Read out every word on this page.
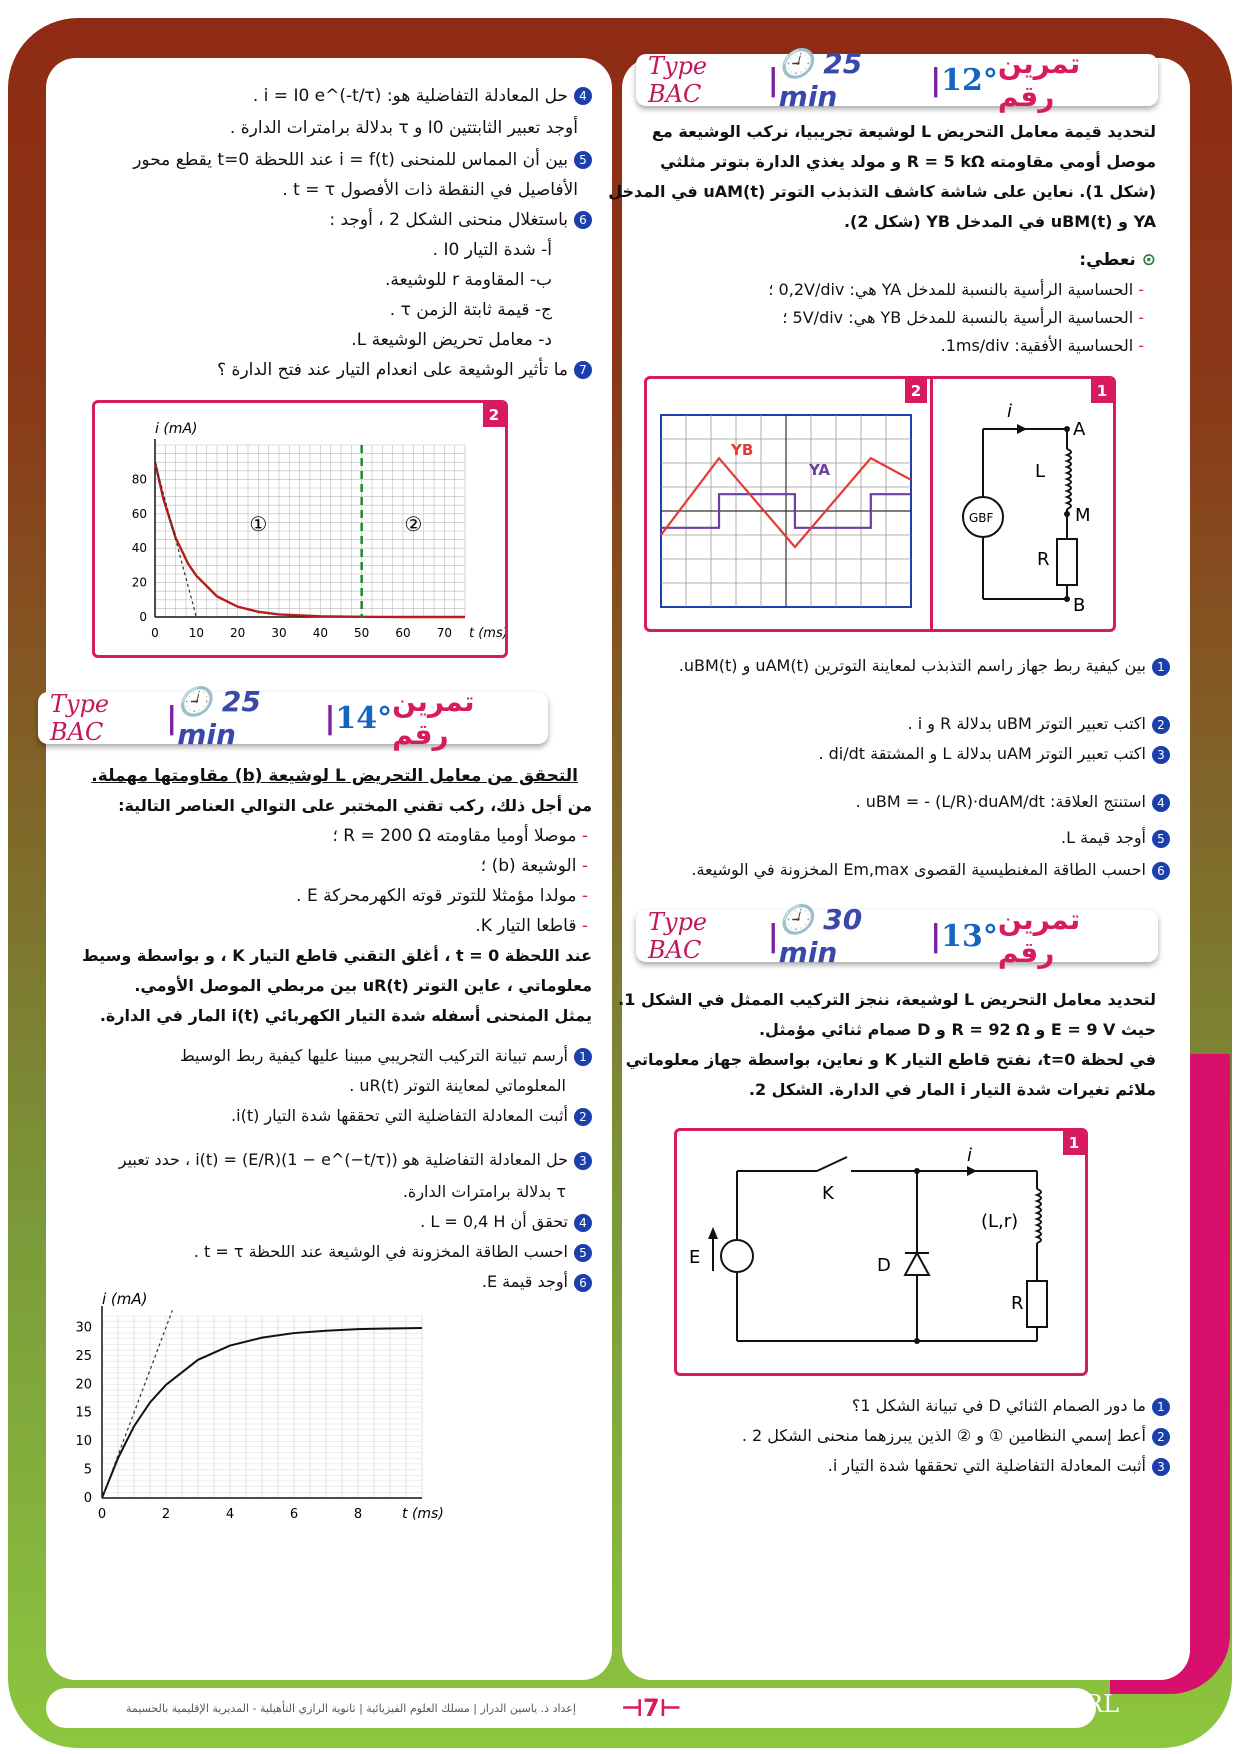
4حل المعادلة التفاضلية هو: i = I0 e^(-t/τ) .
أوجد تعبير الثابتتين I0 و τ بدلالة برامترات الدارة .
5بين أن المماس للمنحنى i = f(t) عند اللحظة t=0 يقطع محور
الأفاصيل في النقطة ذات الأفصول t = τ .
6باستغلال منحنى الشكل 2 ، أوجد :
أ- شدة التيار I0 .
ب- المقاومة r للوشيعة.
ج- قيمة ثابتة الزمن τ .
د- معامل تحريض الوشيعة L.
7ما تأثير الوشيعة على انعدام التيار عند فتح الدارة ؟
2
0 10 20 30 40 50 60 70
0
20
40
60
80
t (ms)
i (mA)
①	②
Type BAC	| 🕘 25 min	| 14° تمرين رقم
التحقق من معامل التحريض L لوشيعة (b) مقاومتها مهملة.
من أجل ذلك، ركب تقني المختبر على التوالي العناصر التالية:
- موصلا أوميا مقاومته R = 200 Ω ؛
- الوشيعة (b) ؛
- مولدا مؤمثلا للتوتر قوته الكهرمحركة E .
- قاطعا التيار K.
عند اللحظة t = 0 ، أغلق التقني قاطع التيار K ، و بواسطة وسيط
معلوماتي ، عاين التوتر uR(t) بين مربطي الموصل الأومي.
يمثل المنحنى أسفله شدة التيار الكهربائي i(t) المار في الدارة.
1أرسم تبيانة التركيب التجريبي مبينا عليها كيفية ربط الوسيط
المعلوماتي لمعاينة التوتر uR(t) .
2أثبت المعادلة التفاضلية التي تحققها شدة التيار i(t).
3حل المعادلة التفاضلية هو i(t) = (E/R)(1 − e^(−t/τ)) ، حدد تعبير
τ بدلالة برامترات الدارة.
4تحقق أن L = 0,4 H .
5احسب الطاقة المخزونة في الوشيعة عند اللحظة t = τ .
6أوجد قيمة E.
0	2	4	6	8
0
5
10
15
20
25
30
t (ms)
i (mA)
Type BAC	| 🕘 25 min	| 12° تمرين رقم
لتحديد قيمة معامل التحريض L لوشيعة تجريبيا، نركب الوشيعة مع
موصل أومي مقاومته R = 5 kΩ و مولد يغذي الدارة بتوتر مثلثي
(شكل 1). نعاين على شاشة كاشف التذبذب التوتر uAM(t) في المدخل
YA و uBM(t) في المدخل YB (شكل 2).
⊙ نعطي:
- الحساسية الرأسية بالنسبة للمدخل YA هي: 0,2V/div ؛
- الحساسية الرأسية بالنسبة للمدخل YB هي: 5V/div ؛
- الحساسية الأفقية: 1ms/div.
1
2
i
A
L
M
R
B
GBF
YB
YA
1بين كيفية ربط جهاز راسم التذبذب لمعاينة التوترين uAM(t) و uBM(t).
2اكتب تعبير التوتر uBM بدلالة R و i .
3اكتب تعبير التوتر uAM بدلالة L و المشتقة di/dt .
4استنتج العلاقة: uBM = - (L/R)·duAM/dt .
5أوجد قيمة L.
6احسب الطاقة المغنطيسية القصوى Em,max المخزونة في الوشيعة.
Type BAC	| 🕘 30 min	| 13° تمرين رقم
لتحديد معامل التحريض L لوشيعة، ننجز التركيب الممثل في الشكل 1.
حيث E = 9 V و R = 92 Ω و D صمام ثنائي مؤمثل.
في لحظة t=0، نفتح قاطع التيار K و نعاين، بواسطة جهاز معلوماتي
ملائم تغيرات شدة التيار i المار في الدارة. الشكل 2.
1
K
i
(L,r)
E	D
R
1ما دور الصمام الثنائي D في تبيانة الشكل 1؟
2أعط إسمي النظامين ① و ② الذين يبرزهما منحنى الشكل 2 .
3أثبت المعادلة التفاضلية التي تحققها شدة التيار i.
إعداد ذ. ياسين الدراز | مسلك العلوم الفيزيائية | ثانوية الرازي التأهيلية - المديرية الإقليمية بالحسيمة ⊣7⊢	RL
